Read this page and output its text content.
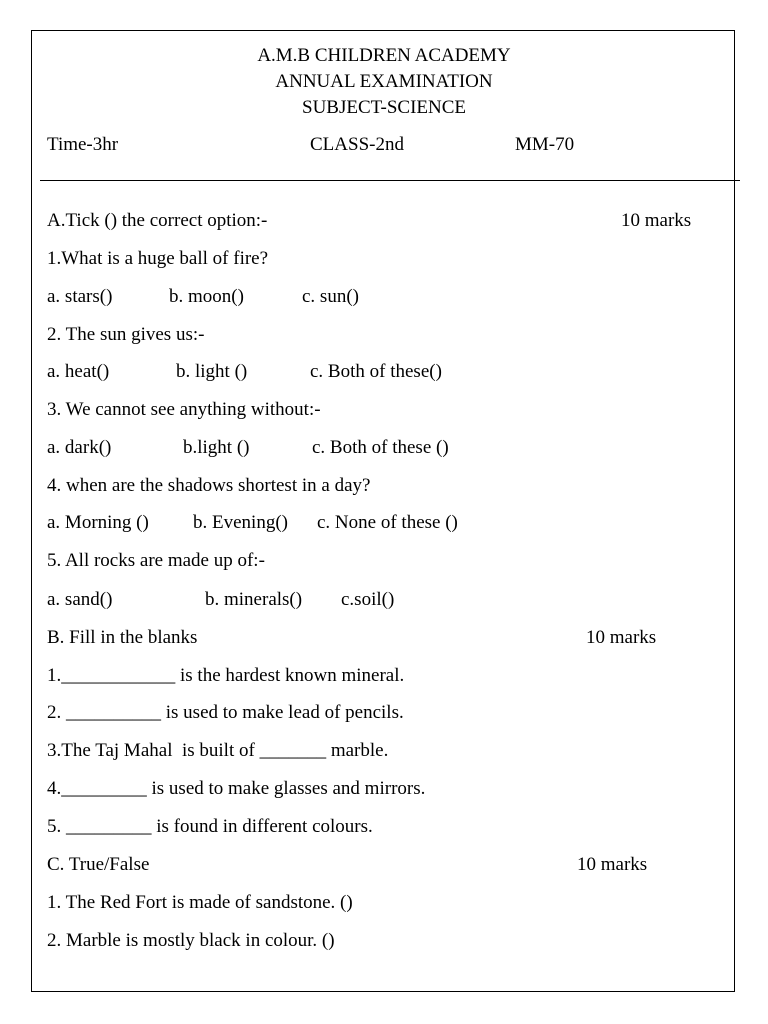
A.M.B CHILDREN ACADEMY
ANNUAL EXAMINATION
SUBJECT-SCIENCE
Time-3hr	CLASS-2nd	MM-70
A.Tick () the correct option:-	10 marks
1.What is a huge ball of fire?
a. stars()	b. moon()	c. sun()
2. The sun gives us:-
a. heat()	b. light ()	c. Both of these()
3. We cannot see anything without:-
a. dark()	b.light ()	c. Both of these ()
4. when are the shadows shortest in a day?
a. Morning () b. Evening() c. None of these ()
5. All rocks are made up of:-
a. sand()	b. minerals() c.soil()
B. Fill in the blanks	10 marks
1.____________ is the hardest known mineral.
2. __________ is used to make lead of pencils.
3.The Taj Mahal  is built of _______ marble.
4._________ is used to make glasses and mirrors.
5. _________ is found in different colours.
C. True/False	10 marks
1. The Red Fort is made of sandstone. ()
2. Marble is mostly black in colour. ()
